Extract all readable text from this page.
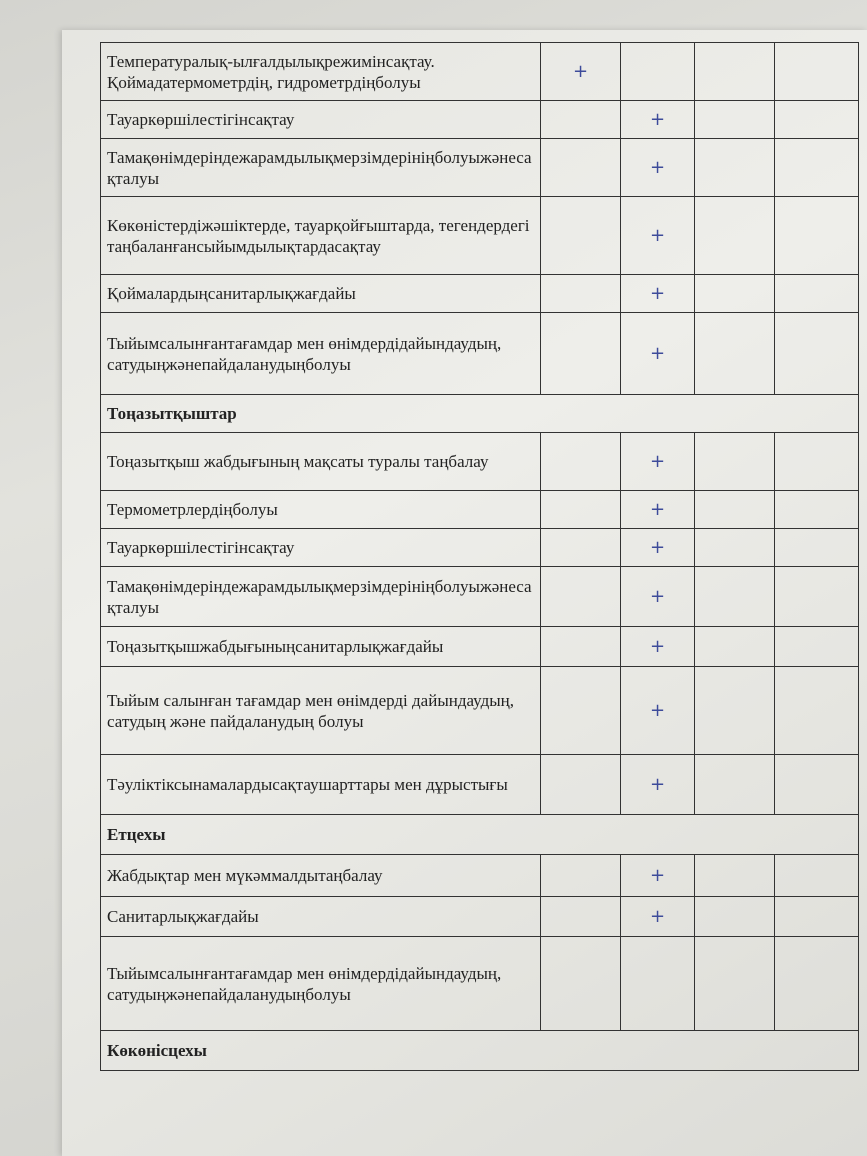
Температуралық-ылғалдылықрежимінсақтау. Қоймадатермометрдің, гидрометрдіңболуы	+			
Тауаркөршілестігінсақтау		+		
Тамақөнімдеріндежарамдылықмерзімдерініңболуыжәнесақталуы		+		
Көкөністердіжәшіктерде, тауарқойғыштарда, тегендердегітаңбаланғансыйымдылықтардасақтау		+		
Қоймалардыңсанитарлықжағдайы		+		
Тыйымсалынғантағамдар мен өнімдердідайындаудың, сатудыңжәнепайдаланудыңболуы		+		
Тоңазытқыштар				
Тоңазытқыш жабдығының мақсаты туралы таңбалау		+		
Термометрлердіңболуы		+		
Тауаркөршілестігінсақтау		+		
Тамақөнімдеріндежарамдылықмерзімдерініңболуыжәнесақталуы		+		
Тоңазытқышжабдығыныңсанитарлықжағдайы		+		
Тыйым салынған тағамдар мен өнімдерді дайындаудың, сатудың және пайдаланудың болуы		+		
Тәуліктіксынамалардысақтаушарттары мен дұрыстығы		+		
Етцехы				
Жабдықтар мен мүкәммалдытаңбалау		+		
Санитарлықжағдайы		+		
Тыйымсалынғантағамдар мен өнімдердідайындаудың, сатудыңжәнепайдаланудыңболуы				
Көкөнісцехы				
